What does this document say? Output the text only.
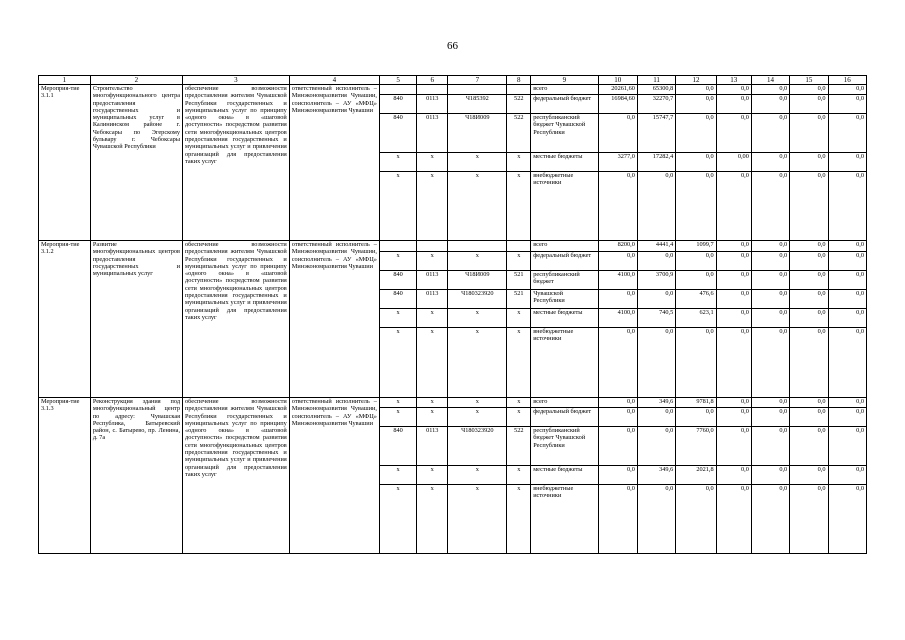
66
1	2	3	4	5	6	7	8	9	10	11	12	13	14	15	16
Мероприя-тие 3.1.1	Строительство многофункционального центра предоставления государственных и муниципальных услуг в Калининском районе г. Чебоксары по Эгерскому бульвару г. Чебоксары Чувашской Республики	обеспечение возможности предоставления жителям Чувашской Республики государственных и муниципальных услуг по принципу «одного окна» в «шаговой доступности» посредством развития сети многофункциональных центров предоставления государственных и муниципальных услуг и привлечения организаций для предоставления таких услуг	ответственный исполнитель – Минэкономразвития Чувашии, соисполнитель – АУ «МФЦ» Минэкономразвития Чувашии					всего	20261,60	65300,8	0,0	0,0	0,0	0,0	0,0
				840	0113	Ч185392	522	федеральный бюджет	16984,60	32270,7	0,0	0,0	0,0	0,0	0,0
				840	0113	Ч18И009	522	республиканский бюджет Чувашской Республики	0,0	15747,7	0,0	0,0	0,0	0,0	0,0
				x	x	x	x	местные бюджеты	3277,0	17282,4	0,0	0,00	0,0	0,0	0,0
				x	x	x	x	внебюджетные источники	0,0	0,0	0,0	0,0	0,0	0,0	0,0
Мероприя-тие 3.1.2	Развитие многофункциональных центров предоставления государственных и муниципальных услуг	обеспечение возможности предоставления жителям Чувашской Республики государственных и муниципальных услуг по принципу «одного окна» в «шаговой доступности» посредством развития сети многофункциональных центров предоставления государственных и муниципальных услуг и привлечения организаций для предоставления таких услуг	ответственный исполнитель – Минэкономразвития Чувашии, соисполнитель – АУ «МФЦ» Минэкономразвития Чувашии					всего	8200,0	4441,4	1099,7	0,0	0,0	0,0	0,0
				x	x	x	x	федеральный бюджет	0,0	0,0	0,0	0,0	0,0	0,0	0,0
				840	0113	Ч18И009	521	республиканский бюджет	4100,0	3700,9	0,0	0,0	0,0	0,0	0,0
				840	0113	Ч180323920	521	Чувашской Республики	0,0	0,0	476,6	0,0	0,0	0,0	0,0
				x	x	x	x	местные бюджеты	4100,0	740,5	623,1	0,0	0,0	0,0	0,0
				x	x	x	x	внебюджетные источники	0,0	0,0	0,0	0,0	0,0	0,0	0,0
Мероприя-тие 3.1.3	Реконструкция здания под многофункциональный центр по адресу: Чувашская Республика, Батыревский район, с. Батырево, пр. Ленина, д. 7а	обеспечение возможности предоставления жителям Чувашской Республики государственных и муниципальных услуг по принципу «одного окна» в «шаговой доступности» посредством развития сети многофункциональных центров предоставления государственных и муниципальных услуг и привлечения организаций для предоставления таких услуг	ответственный исполнитель – Минэкономразвития Чувашии, соисполнитель – АУ «МФЦ» Минэкономразвития Чувашии	x	x	x	x	всего	0,0	349,6	9781,8	0,0	0,0	0,0	0,0
				x	x	x	x	федеральный бюджет	0,0	0,0	0,0	0,0	0,0	0,0	0,0
				840	0113	Ч180323920	522	республиканский бюджет Чувашской Республики	0,0	0,0	7760,0	0,0	0,0	0,0	0,0
				x	x	x	x	местные бюджеты	0,0	349,6	2021,8	0,0	0,0	0,0	0,0
				x	x	x	x	внебюджетные источники	0,0	0,0	0,0	0,0	0,0	0,0	0,0
